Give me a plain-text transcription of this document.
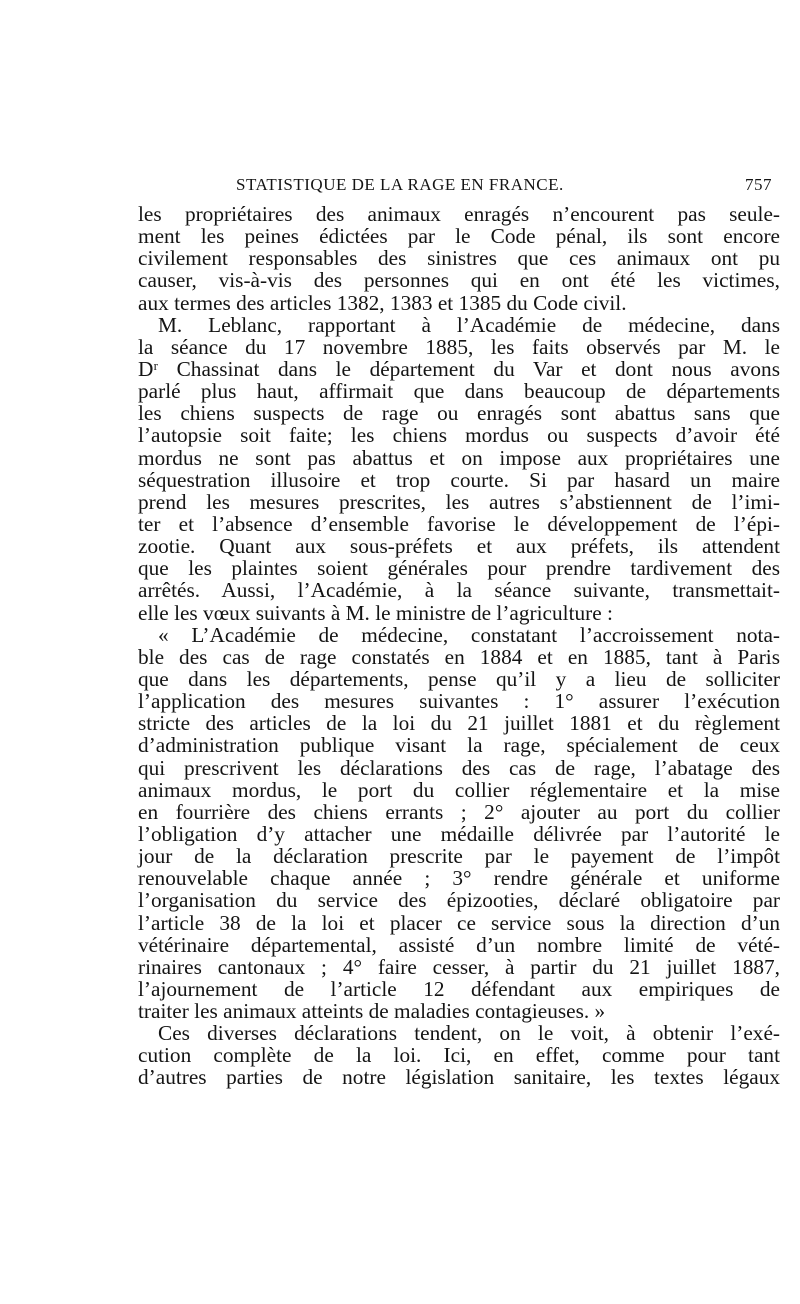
STATISTIQUE DE LA RAGE EN FRANCE.	757
les propriétaires des animaux enragés n’encourent pas seule-
ment les peines édictées par le Code pénal, ils sont encore
civilement responsables des sinistres que ces animaux ont pu
causer, vis-à-vis des personnes qui en ont été les victimes,
aux termes des articles 1382, 1383 et 1385 du Code civil.
M. Leblanc, rapportant à l’Académie de médecine, dans
la séance du 17 novembre 1885, les faits observés par M. le
Dʳ Chassinat dans le département du Var et dont nous avons
parlé plus haut, affirmait que dans beaucoup de départements
les chiens suspects de rage ou enragés sont abattus sans que
l’autopsie soit faite; les chiens mordus ou suspects d’avoir été
mordus ne sont pas abattus et on impose aux propriétaires une
séquestration illusoire et trop courte. Si par hasard un maire
prend les mesures prescrites, les autres s’abstiennent de l’imi-
ter et l’absence d’ensemble favorise le développement de l’épi-
zootie. Quant aux sous-préfets et aux préfets, ils attendent
que les plaintes soient générales pour prendre tardivement des
arrêtés. Aussi, l’Académie, à la séance suivante, transmettait-
elle les vœux suivants à M. le ministre de l’agriculture :
« L’Académie de médecine, constatant l’accroissement nota-
ble des cas de rage constatés en 1884 et en 1885, tant à Paris
que dans les départements, pense qu’il y a lieu de solliciter
l’application des mesures suivantes : 1° assurer l’exécution
stricte des articles de la loi du 21 juillet 1881 et du règlement
d’administration publique visant la rage, spécialement de ceux
qui prescrivent les déclarations des cas de rage, l’abatage des
animaux mordus, le port du collier réglementaire et la mise
en fourrière des chiens errants ; 2° ajouter au port du collier
l’obligation d’y attacher une médaille délivrée par l’autorité le
jour de la déclaration prescrite par le payement de l’impôt
renouvelable chaque année ; 3° rendre générale et uniforme
l’organisation du service des épizooties, déclaré obligatoire par
l’article 38 de la loi et placer ce service sous la direction d’un
vétérinaire départemental, assisté d’un nombre limité de vété-
rinaires cantonaux ; 4° faire cesser, à partir du 21 juillet 1887,
l’ajournement de l’article 12 défendant aux empiriques de
traiter les animaux atteints de maladies contagieuses. »
Ces diverses déclarations tendent, on le voit, à obtenir l’exé-
cution complète de la loi. Ici, en effet, comme pour tant
d’autres parties de notre législation sanitaire, les textes légaux
